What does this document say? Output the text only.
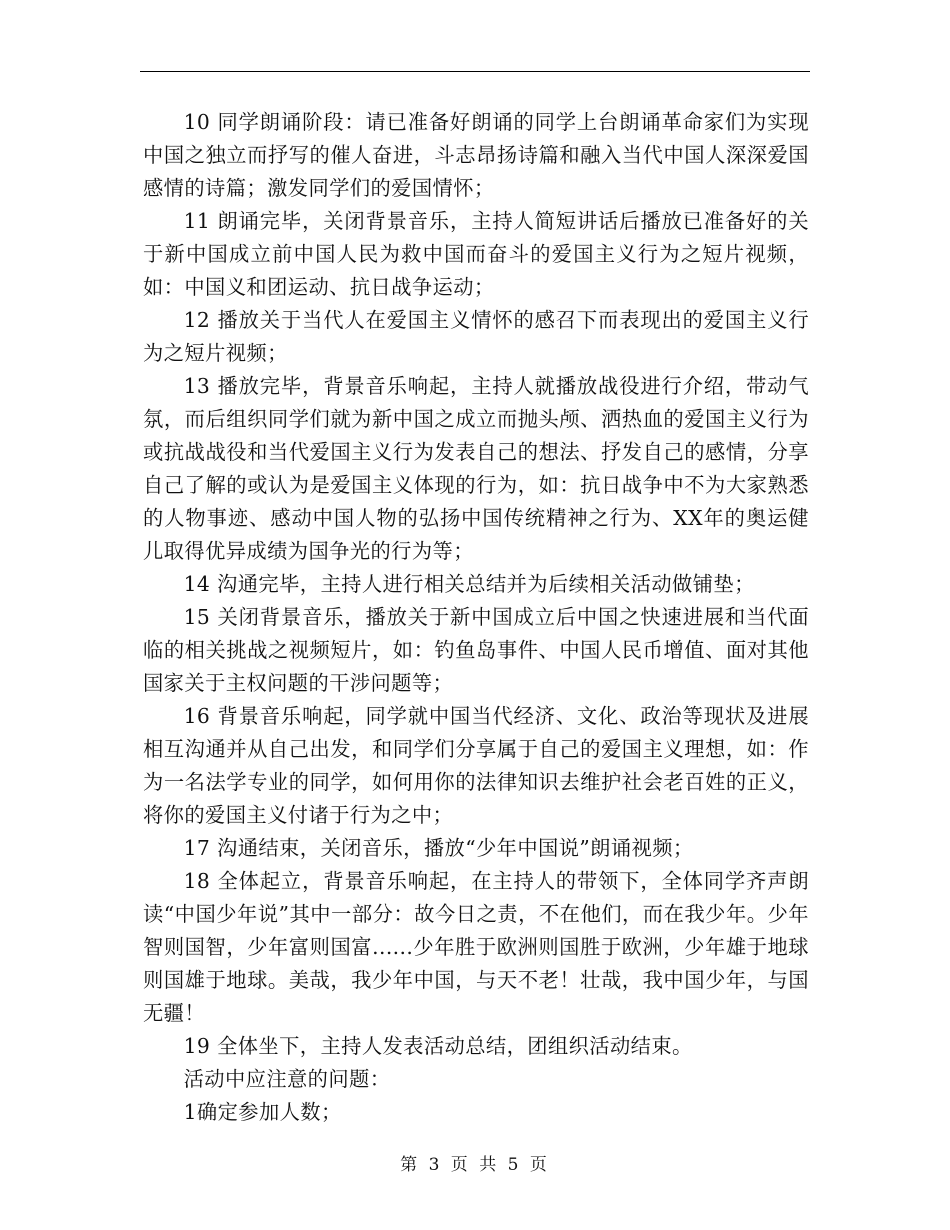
10 同学朗诵阶段：请已准备好朗诵的同学上台朗诵革命家们为实现中国之独立而抒写的催人奋进，斗志昂扬诗篇和融入当代中国人深深爱国感情的诗篇；激发同学们的爱国情怀；

11 朗诵完毕，关闭背景音乐，主持人简短讲话后播放已准备好的关于新中国成立前中国人民为救中国而奋斗的爱国主义行为之短片视频，如：中国义和团运动、抗日战争运动；

12 播放关于当代人在爱国主义情怀的感召下而表现出的爱国主义行为之短片视频；

13 播放完毕，背景音乐响起，主持人就播放战役进行介绍，带动气氛，而后组织同学们就为新中国之成立而抛头颅、洒热血的爱国主义行为或抗战战役和当代爱国主义行为发表自己的想法、抒发自己的感情，分享自己了解的或认为是爱国主义体现的行为，如：抗日战争中不为大家熟悉的人物事迹、感动中国人物的弘扬中国传统精神之行为、XX年的奥运健儿取得优异成绩为国争光的行为等；

14 沟通完毕，主持人进行相关总结并为后续相关活动做铺垫；

15 关闭背景音乐，播放关于新中国成立后中国之快速进展和当代面临的相关挑战之视频短片，如：钓鱼岛事件、中国人民币增值、面对其他国家关于主权问题的干涉问题等；

16 背景音乐响起，同学就中国当代经济、文化、政治等现状及进展相互沟通并从自己出发，和同学们分享属于自己的爱国主义理想，如：作为一名法学专业的同学，如何用你的法律知识去维护社会老百姓的正义，将你的爱国主义付诸于行为之中；

17 沟通结束，关闭音乐，播放“少年中国说”朗诵视频；

18 全体起立，背景音乐响起，在主持人的带领下，全体同学齐声朗读“中国少年说”其中一部分：故今日之责，不在他们，而在我少年。少年智则国智，少年富则国富......少年胜于欧洲则国胜于欧洲，少年雄于地球则国雄于地球。美哉，我少年中国，与天不老！壮哉，我中国少年，与国无疆！

19 全体坐下，主持人发表活动总结，团组织活动结束。

活动中应注意的问题：

1确定参加人数；

第 3 页 共 5 页
